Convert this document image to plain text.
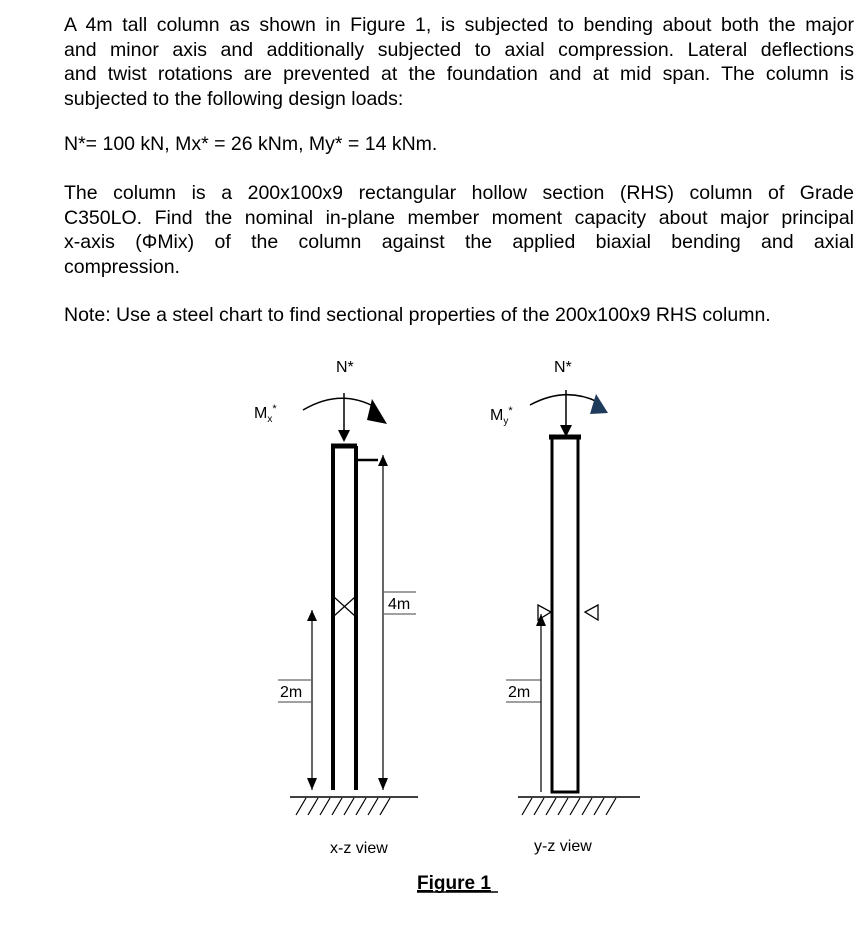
A 4m tall column as shown in Figure 1, is subjected to bending about both the major
and minor axis and additionally subjected to axial compression. Lateral deflections
and twist rotations are prevented at the foundation and at mid span. The column is
subjected to the following design loads:
N*= 100 kN, Mx* = 26 kNm, My* = 14 kNm.
The column is a 200x100x9 rectangular hollow section (RHS) column of Grade
C350LO. Find the nominal in-plane member moment capacity about major principal
x-axis (ΦMix) of the column against the applied biaxial bending and axial
compression.
Note: Use a steel chart to find sectional properties of the 200x100x9 RHS column.
N*
$M_x^*$
4m
2m
x-z view
N*
$M_y^*$
2m
y-z view
Figure 1
